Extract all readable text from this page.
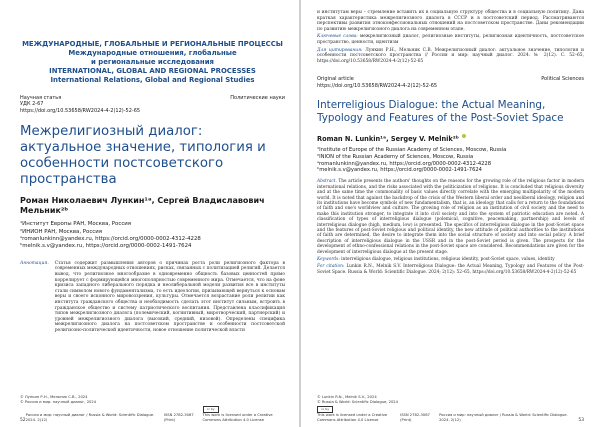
МЕЖДУНАРОДНЫЕ, ГЛОБАЛЬНЫЕ И РЕГИОНАЛЬНЫЕ ПРОЦЕССЫ
Международные отношения, глобальные
и региональные исследования
INTERNATIONAL, GLOBAL AND REGIONAL PROCESSES
International Relations, Global and Regional Studies
Научная статья	Политические науки
УДК 2-67
https://doi.org/10.53658/RW2024-4-2(12)-52-65
Межрелигиозный диалог: актуальное значение, типология и особенности постсоветского пространства
Роман Николаевич Лункин¹ᵃ, Сергей Владиславович Мельник²ᵇ
¹Институт Европы РАН, Москва, Россия
²ИНИОН РАН, Москва, Россия
ᵃromanlunkinn@yandex.ru, https://orcid.org/0000-0002-4312-4228
ᵇmelnik.s.v@yandex.ru, https://orcid.org/0000-0002-1491-7624
Аннотация. Статья содержит размышления авторов о причинах роста роли религиозного фактора в современных международных отношениях, рисках, связанных с политизацией религий. Делается вывод, что религиозное многообразие в одновременно общность базовых ценностей прямо коррелирует с формирующейся многополярностью современного мира. Отмечается, что на фоне кризиса западного либерального порядка и неолиберальной модели развития все в институты стали символом нового фундаментализма, то есть идеологии, призывающей вернуться к основам веры и своего исконного мировоззрения, культуры. Отмечается возрастание роли религии как института гражданского общества и необходимость сделать этот институт сильным, встроить в гражданское общество и систему патриотического воспитания. Представлена классификация типов межрелигиозного диалога (полемический, когнитивный, миротворческий, партнерский) и уровней межрелигиозного диалога (высокий, средний, низовой). Определены специфика межрелигиозного диалога на постсоветском пространстве и особенности постсоветской религиозно-политической идентичности, новое отношение политической власти
© Лункин Р.Н., Мельник С.В., 2024
© Россия и мир: научный диалог, 2024
52
Россия и мир: научный диалог / Russia & World: Scientific Dialogue. 2024. 2(12)
ISSN 2782-3067 (Print)
cc by
This work is licensed under a Creative
Commons Attribution 4.0 License
и институтам веры – стремление вставить их в социальную структуру общества и в социальную политику. Дана краткая характеристика межрелигиозного диалога в СССР и в постсоветский период. Рассматриваются перспективы развития этноконфессиональных отношений на постсоветском пространстве. Даны рекомендации по развитию межрелигиозного диалога на современном этапе.
Ключевые слова: межрелигиозный диалог, религиозные институты, религиозная идентичность, постсоветское пространство, ценности, идентизм
Для цитирования: Лункин Р.Н., Мельник С.В. Межрелигиозный диалог: актуальное значение, типология и особенности постсоветского пространства // Россия и мир: научный диалог. 2024. № 2(12). С. 52–65, https://doi.org/10.53658/RW2024-4-2(12)-52-65
Original article	Political Sciences
https://doi.org/10.53658/RW2024-4-2(12)-52-65
Interreligious Dialogue: the Actual Meaning, Typology and Features of the Post-Soviet Space
Roman N. Lunkin¹ᵃ, Sergey V. Melnik²ᵇ
¹Institute of Europe of the Russian Academy of Sciences, Moscow, Russia
²INION of the Russian Academy of Sciences, Moscow, Russia
ᵃromanlunkinn@yandex.ru, https://orcid.org/0000-0002-4312-4228
ᵇmelnik.s.v@yandex.ru, https://orcid.org/0000-0002-1491-7624
Abstract. The article presents the authors' thoughts on the reasons for the growing role of the religious factor in modern international relations, and the risks associated with the politicization of religions. It is concluded that religious diversity and at the same time the commonality of basic values directly correlate with the emerging multipolarity of the modern world. It is noted that against the backdrop of the crisis of the Western liberal order and neoliberal ideology, religion and its institutions have become symbols of new fundamentalism, that is, an ideology that calls for a return to the foundations of faith and one's worldview and culture. The growing role of religion as an institution of civil society and the need to make this institution stronger, to integrate it into civil society and into the system of patriotic education are noted. A classification of types of interreligious dialogue (polemical, cognitive, peacemaking, partnership) and levels of interreligious dialogue (high, medium, low) is presented. The specifics of interreligious dialogue in the post-Soviet space and the features of post-Soviet religious and political identity, the new attitude of political authorities to the institutions of faith are determined, the desire to integrate them into the social structure of society and into social policy. A brief description of interreligious dialogue in the USSR and in the post-Soviet period is given. The prospects for the development of ethno-confessional relations in the post-Soviet space are considered. Recommendations are given for the development of interreligious dialogue at the present stage.
Keywords: interreligious dialogue, religious institutions, religious identity, post-Soviet space, values, identity
For citation: Lunkin R.N., Melnik S.V. Interreligious Dialogue: the Actual Meaning, Typology and Features of the Post-Soviet Space. Russia & World: Scientific Dialogue. 2024; 2(12): 52–65, https://doi.org/10.53658/RW2024-4-2(12)-52-65
© Lunkin R.N., Melnik S.V., 2024
© Russia & World: Scientific Dialogue, 2024
cc by
This work is licensed under a Creative
Commons Attribution 4.0 License
ISSN 2782-3067 (Print)
Россия и мир: научный диалог / Russia & World: Scientific Dialogue. 2024. 2(12)	53
